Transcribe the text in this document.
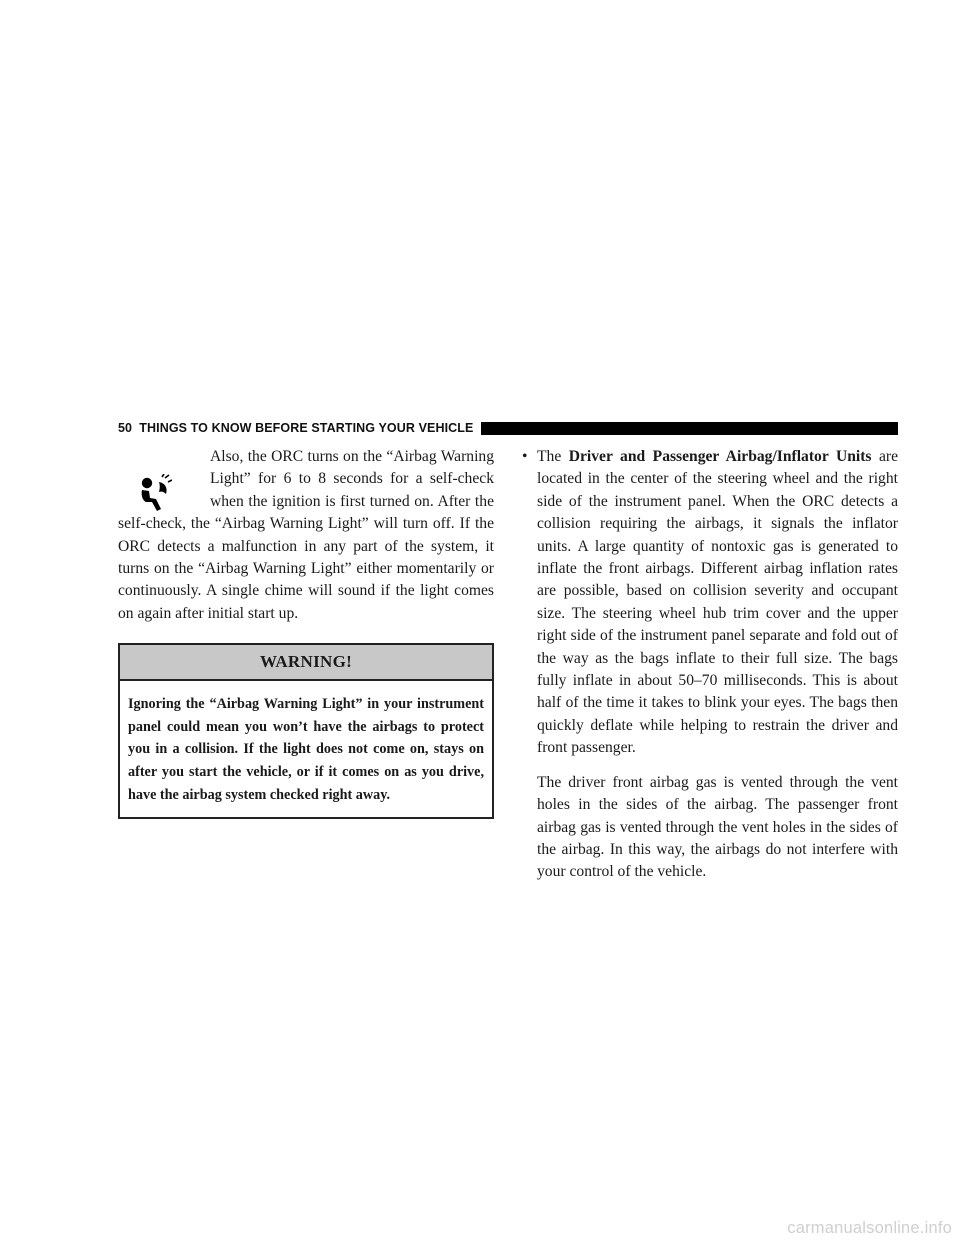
50 THINGS TO KNOW BEFORE STARTING YOUR VEHICLE

Also, the ORC turns on the “Airbag Warning Light” for 6 to 8 seconds for a self-check when the ignition is first turned on. After the self-check, the “Airbag Warning Light” will turn off. If the ORC detects a malfunction in any part of the system, it turns on the “Airbag Warning Light” either momentarily or continuously. A single chime will sound if the light comes on again after initial start up.

WARNING!

Ignoring the “Airbag Warning Light” in your instrument panel could mean you won’t have the airbags to protect you in a collision. If the light does not come on, stays on after you start the vehicle, or if it comes on as you drive, have the airbag system checked right away.

• The Driver and Passenger Airbag/Inflator Units are located in the center of the steering wheel and the right side of the instrument panel. When the ORC detects a collision requiring the airbags, it signals the inflator units. A large quantity of nontoxic gas is generated to inflate the front airbags. Different airbag inflation rates are possible, based on collision severity and occupant size. The steering wheel hub trim cover and the upper right side of the instrument panel separate and fold out of the way as the bags inflate to their full size. The bags fully inflate in about 50–70 milliseconds. This is about half of the time it takes to blink your eyes. The bags then quickly deflate while helping to restrain the driver and front passenger.

The driver front airbag gas is vented through the vent holes in the sides of the airbag. The passenger front airbag gas is vented through the vent holes in the sides of the airbag. In this way, the airbags do not interfere with your control of the vehicle.

carmanualsonline.info
